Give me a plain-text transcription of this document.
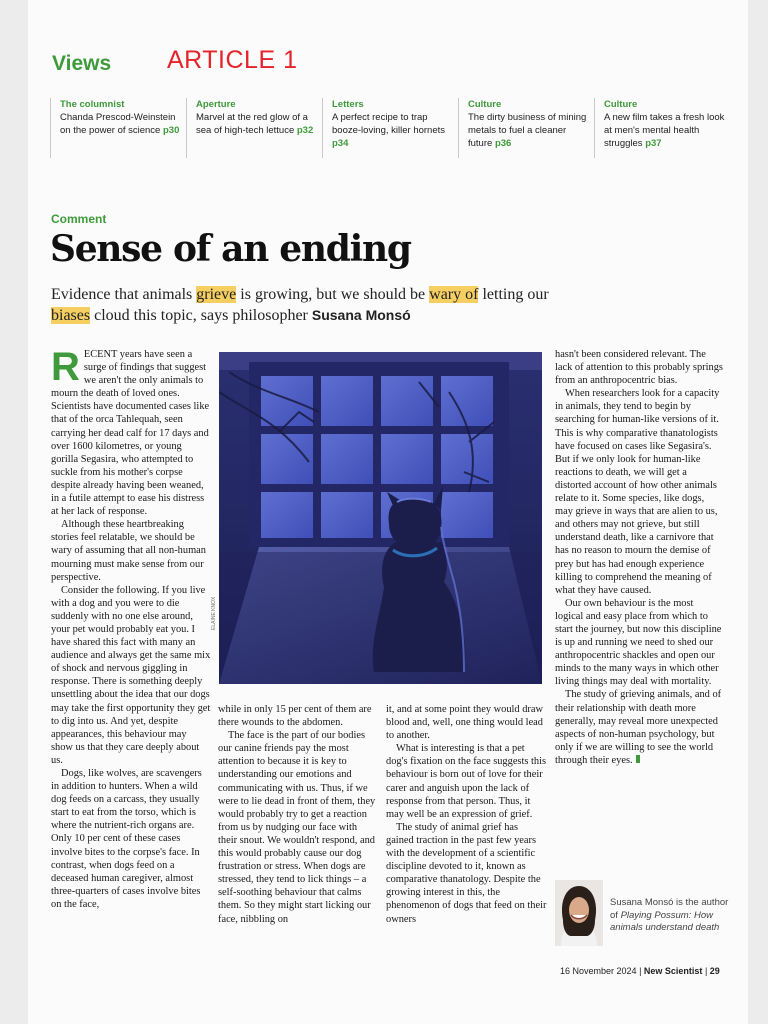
Views ARTICLE 1
The columnist
Chanda Prescod-Weinstein on the power of science p30
Aperture
Marvel at the red glow of a sea of high-tech lettuce p32
Letters
A perfect recipe to trap booze-loving, killer hornets p34
Culture
The dirty business of mining metals to fuel a cleaner future p36
Culture
A new film takes a fresh look at men's mental health struggles p37
Comment
Sense of an ending
Evidence that animals grieve is growing, but we should be wary of letting our biases cloud this topic, says philosopher Susana Monsó

RECENT years have seen a surge of findings that suggest we aren't the only animals to mourn the death of loved ones. Scientists have documented cases like that of the orca Tahlequah, seen carrying her dead calf for 17 days and over 1600 kilometres, or young gorilla Segasira, who attempted to suckle from his mother's corpse despite already having been weaned, in a futile attempt to ease his distress at her lack of response.

Although these heartbreaking stories feel relatable, we should be wary of assuming that all non-human mourning must make sense from our perspective.

Consider the following. If you live with a dog and you were to die suddenly with no one else around, your pet would probably eat you. I have shared this fact with many an audience and always get the same mix of shock and nervous giggling in response. There is something deeply unsettling about the idea that our dogs may take the first opportunity they get to dig into us. And yet, despite appearances, this behaviour may show us that they care deeply about us.

Dogs, like wolves, are scavengers in addition to hunters. When a wild dog feeds on a carcass, they usually start to eat from the torso, which is where the nutrient-rich organs are. Only 10 per cent of these cases involve bites to the corpse's face. In contrast, when dogs feed on a deceased human caregiver, almost three-quarters of cases involve bites on the face,

ELAINE KNOX

while in only 15 per cent of them are there wounds to the abdomen.

The face is the part of our bodies our canine friends pay the most attention to because it is key to understanding our emotions and communicating with us. Thus, if we were to lie dead in front of them, they would probably try to get a reaction from us by nudging our face with their snout. We wouldn't respond, and this would probably cause our dog frustration or stress. When dogs are stressed, they tend to lick things – a self-soothing behaviour that calms them. So they might start licking our face, nibbling on

it, and at some point they would draw blood and, well, one thing would lead to another.

What is interesting is that a pet dog's fixation on the face suggests this behaviour is born out of love for their carer and anguish upon the lack of response from that person. Thus, it may well be an expression of grief.

The study of animal grief has gained traction in the past few years with the development of a scientific discipline devoted to it, known as comparative thanatology. Despite the growing interest in this, the phenomenon of dogs that feed on their owners

hasn't been considered relevant. The lack of attention to this probably springs from an anthropocentric bias.

When researchers look for a capacity in animals, they tend to begin by searching for human-like versions of it. This is why comparative thanatologists have focused on cases like Segasira's. But if we only look for human-like reactions to death, we will get a distorted account of how other animals relate to it. Some species, like dogs, may grieve in ways that are alien to us, and others may not grieve, but still understand death, like a carnivore that has no reason to mourn the demise of prey but has had enough experience killing to comprehend the meaning of what they have caused.

Our own behaviour is the most logical and easy place from which to start the journey, but now this discipline is up and running we need to shed our anthropocentric shackles and open our minds to the many ways in which other living things may deal with mortality.

The study of grieving animals, and of their relationship with death more generally, may reveal more unexpected aspects of non-human psychology, but only if we are willing to see the world through their eyes.

Susana Monsó is the author of Playing Possum: How animals understand death
16 November 2024 | New Scientist | 29
